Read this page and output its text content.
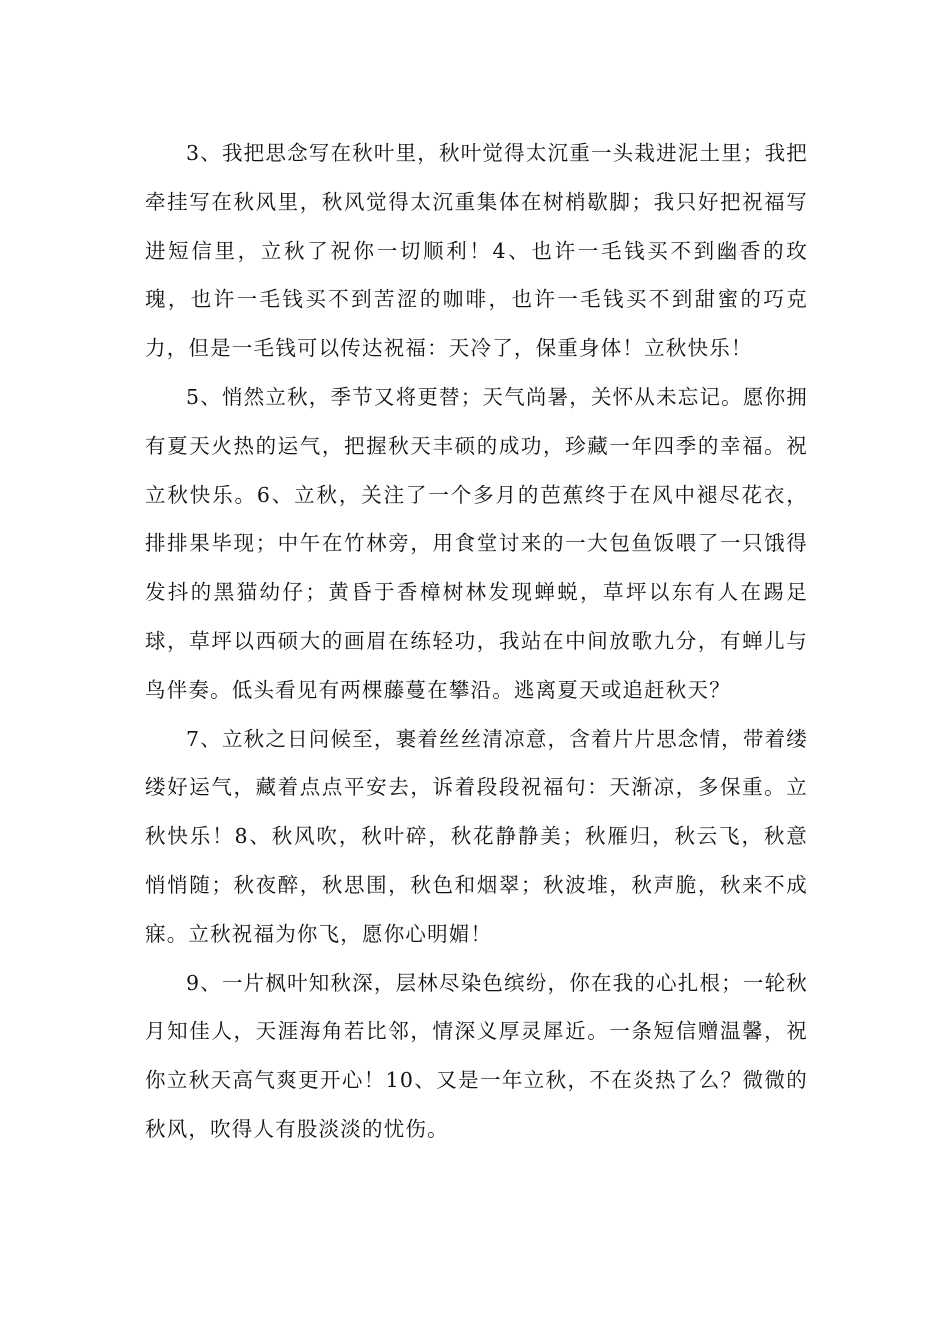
3、我把思念写在秋叶里，秋叶觉得太沉重一头栽进泥土里；我把牵挂写在秋风里，秋风觉得太沉重集体在树梢歇脚；我只好把祝福写进短信里，立秋了祝你一切顺利！4、也许一毛钱买不到幽香的玫瑰，也许一毛钱买不到苦涩的咖啡，也许一毛钱买不到甜蜜的巧克力，但是一毛钱可以传达祝福：天冷了，保重身体！立秋快乐！

5、悄然立秋，季节又将更替；天气尚暑，关怀从未忘记。愿你拥有夏天火热的运气，把握秋天丰硕的成功，珍藏一年四季的幸福。祝立秋快乐。6、立秋，关注了一个多月的芭蕉终于在风中褪尽花衣，排排果毕现；中午在竹林旁，用食堂讨来的一大包鱼饭喂了一只饿得发抖的黑猫幼仔；黄昏于香樟树林发现蝉蜕，草坪以东有人在踢足球，草坪以西硕大的画眉在练轻功，我站在中间放歌九分，有蝉儿与鸟伴奏。低头看见有两棵藤蔓在攀沿。逃离夏天或追赶秋天？

7、立秋之日问候至，裹着丝丝清凉意，含着片片思念情，带着缕缕好运气，藏着点点平安去，诉着段段祝福句：天渐凉，多保重。立秋快乐！8、秋风吹，秋叶碎，秋花静静美；秋雁归，秋云飞，秋意悄悄随；秋夜醉，秋思围，秋色和烟翠；秋波堆，秋声脆，秋来不成寐。立秋祝福为你飞，愿你心明媚！

9、一片枫叶知秋深，层林尽染色缤纷，你在我的心扎根；一轮秋月知佳人，天涯海角若比邻，情深义厚灵犀近。一条短信赠温馨，祝你立秋天高气爽更开心！10、又是一年立秋，不在炎热了么？微微的秋风，吹得人有股淡淡的忧伤。
